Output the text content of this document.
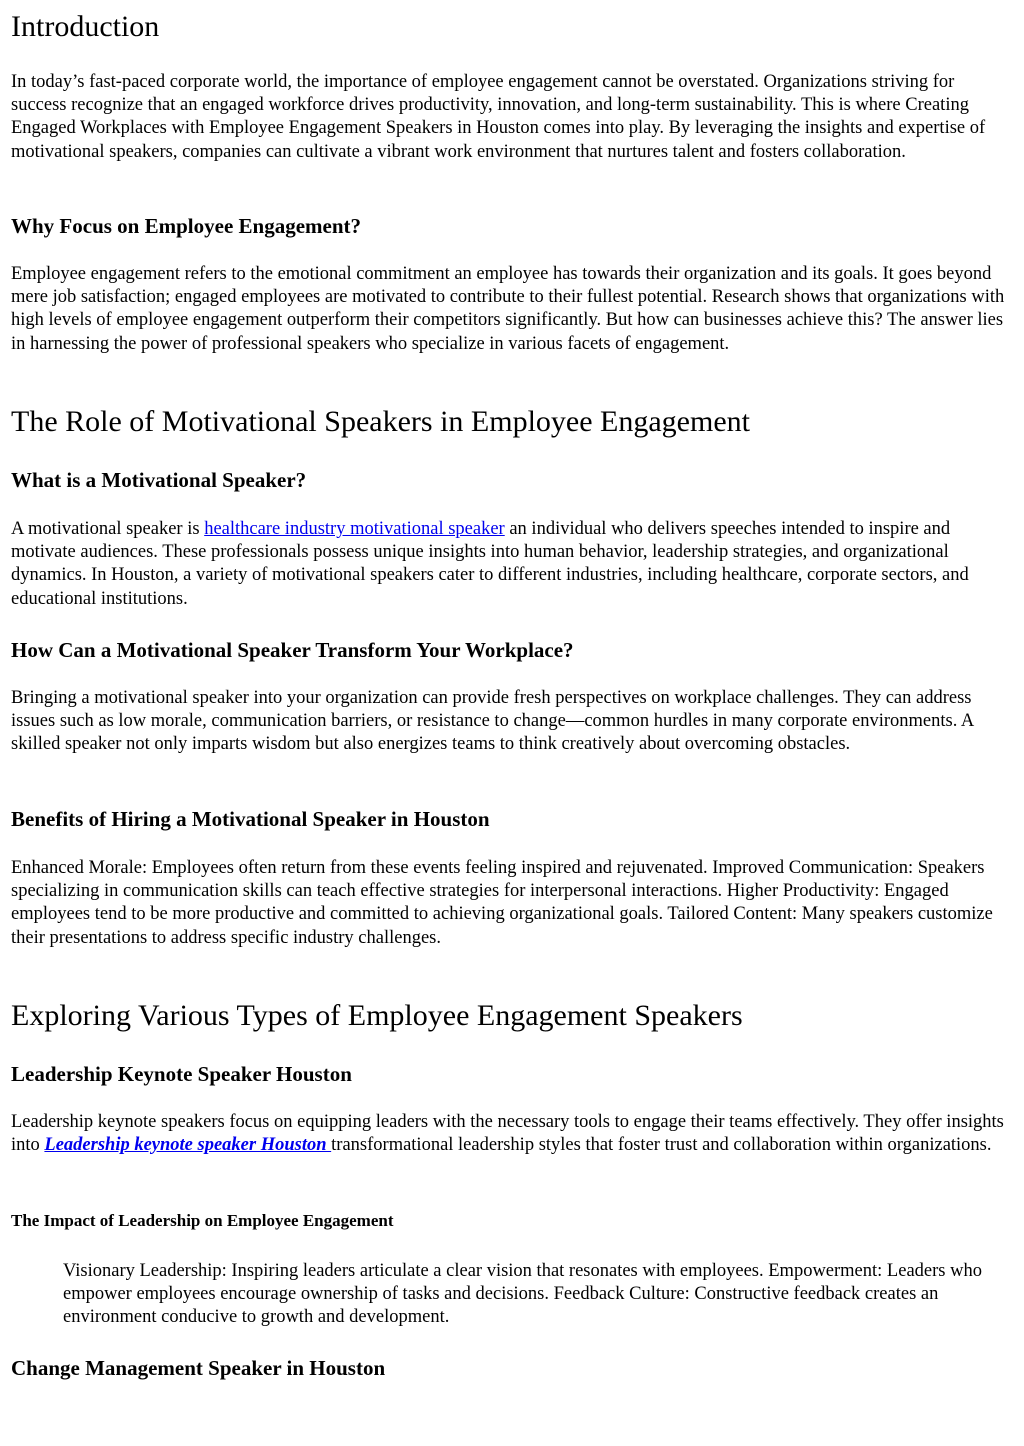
Introduction

In today’s fast-paced corporate world, the importance of employee engagement cannot be overstated. Organizations striving for success recognize that an engaged workforce drives productivity, innovation, and long-term sustainability. This is where Creating Engaged Workplaces with Employee Engagement Speakers in Houston comes into play. By leveraging the insights and expertise of motivational speakers, companies can cultivate a vibrant work environment that nurtures talent and fosters collaboration.

Why Focus on Employee Engagement?

Employee engagement refers to the emotional commitment an employee has towards their organization and its goals. It goes beyond mere job satisfaction; engaged employees are motivated to contribute to their fullest potential. Research shows that organizations with high levels of employee engagement outperform their competitors significantly. But how can businesses achieve this? The answer lies in harnessing the power of professional speakers who specialize in various facets of engagement.

The Role of Motivational Speakers in Employee Engagement
What is a Motivational Speaker?

A motivational speaker is healthcare industry motivational speaker an individual who delivers speeches intended to inspire and motivate audiences. These professionals possess unique insights into human behavior, leadership strategies, and organizational dynamics. In Houston, a variety of motivational speakers cater to different industries, including healthcare, corporate sectors, and educational institutions.

How Can a Motivational Speaker Transform Your Workplace?

Bringing a motivational speaker into your organization can provide fresh perspectives on workplace challenges. They can address issues such as low morale, communication barriers, or resistance to change—common hurdles in many corporate environments. A skilled speaker not only imparts wisdom but also energizes teams to think creatively about overcoming obstacles.

Benefits of Hiring a Motivational Speaker in Houston

Enhanced Morale: Employees often return from these events feeling inspired and rejuvenated. Improved Communication: Speakers specializing in communication skills can teach effective strategies for interpersonal interactions. Higher Productivity: Engaged employees tend to be more productive and committed to achieving organizational goals. Tailored Content: Many speakers customize their presentations to address specific industry challenges.

Exploring Various Types of Employee Engagement Speakers
Leadership Keynote Speaker Houston

Leadership keynote speakers focus on equipping leaders with the necessary tools to engage their teams effectively. They offer insights into Leadership keynote speaker Houston transformational leadership styles that foster trust and collaboration within organizations.

The Impact of Leadership on Employee Engagement

Visionary Leadership: Inspiring leaders articulate a clear vision that resonates with employees. Empowerment: Leaders who empower employees encourage ownership of tasks and decisions. Feedback Culture: Constructive feedback creates an environment conducive to growth and development.

Change Management Speaker in Houston
